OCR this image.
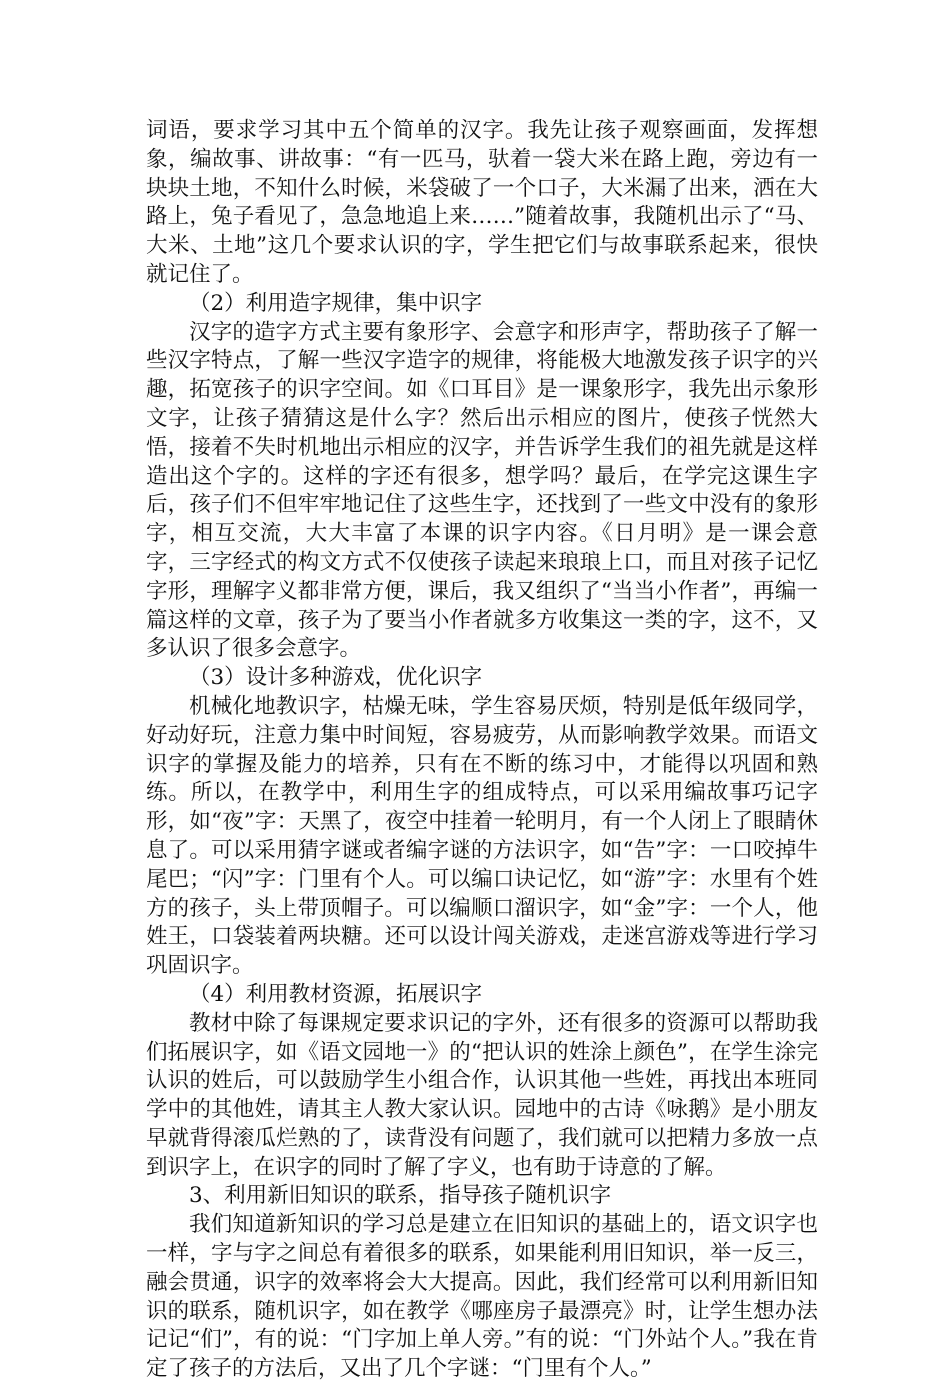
词语，要求学习其中五个简单的汉字。我先让孩子观察画面，发挥想象，编故事、讲故事：“有一匹马，驮着一袋大米在路上跑，旁边有一块块土地，不知什么时候，米袋破了一个口子，大米漏了出来，洒在大路上，兔子看见了，急急地追上来……”随着故事，我随机出示了“马、大米、土地”这几个要求认识的字，学生把它们与故事联系起来，很快就记住了。

（2）利用造字规律，集中识字

汉字的造字方式主要有象形字、会意字和形声字，帮助孩子了解一些汉字特点，了解一些汉字造字的规律，将能极大地激发孩子识字的兴趣，拓宽孩子的识字空间。如《口耳目》是一课象形字，我先出示象形文字，让孩子猜猜这是什么字？然后出示相应的图片，使孩子恍然大悟，接着不失时机地出示相应的汉字，并告诉学生我们的祖先就是这样造出这个字的。这样的字还有很多，想学吗？最后，在学完这课生字后，孩子们不但牢牢地记住了这些生字，还找到了一些文中没有的象形字，相互交流，大大丰富了本课的识字内容。《日月明》是一课会意字，三字经式的构文方式不仅使孩子读起来琅琅上口，而且对孩子记忆字形，理解字义都非常方便，课后，我又组织了“当当小作者”，再编一篇这样的文章，孩子为了要当小作者就多方收集这一类的字，这不，又多认识了很多会意字。

（3）设计多种游戏，优化识字

机械化地教识字，枯燥无味，学生容易厌烦，特别是低年级同学，好动好玩，注意力集中时间短，容易疲劳，从而影响教学效果。而语文识字的掌握及能力的培养，只有在不断的练习中，才能得以巩固和熟练。所以，在教学中，利用生字的组成特点，可以采用编故事巧记字形，如“夜”字：天黑了，夜空中挂着一轮明月，有一个人闭上了眼睛休息了。可以采用猜字谜或者编字谜的方法识字，如“告”字：一口咬掉牛尾巴；“闪”字：门里有个人。可以编口诀记忆，如“游”字：水里有个姓方的孩子，头上带顶帽子。可以编顺口溜识字，如“金”字：一个人，他姓王，口袋装着两块糖。还可以设计闯关游戏，走迷宫游戏等进行学习巩固识字。

（4）利用教材资源，拓展识字

教材中除了每课规定要求识记的字外，还有很多的资源可以帮助我们拓展识字，如《语文园地一》的“把认识的姓涂上颜色”，在学生涂完认识的姓后，可以鼓励学生小组合作，认识其他一些姓，再找出本班同学中的其他姓，请其主人教大家认识。园地中的古诗《咏鹅》是小朋友早就背得滚瓜烂熟的了，读背没有问题了，我们就可以把精力多放一点到识字上，在识字的同时了解了字义，也有助于诗意的了解。

3、利用新旧知识的联系，指导孩子随机识字

我们知道新知识的学习总是建立在旧知识的基础上的，语文识字也一样，字与字之间总有着很多的联系，如果能利用旧知识，举一反三，融会贯通，识字的效率将会大大提高。因此，我们经常可以利用新旧知识的联系，随机识字，如在教学《哪座房子最漂亮》时，让学生想办法记记“们”，有的说：“门字加上单人旁。”有的说：“门外站个人。”我在肯定了孩子的方法后，又出了几个字谜：“门里有个人。”
